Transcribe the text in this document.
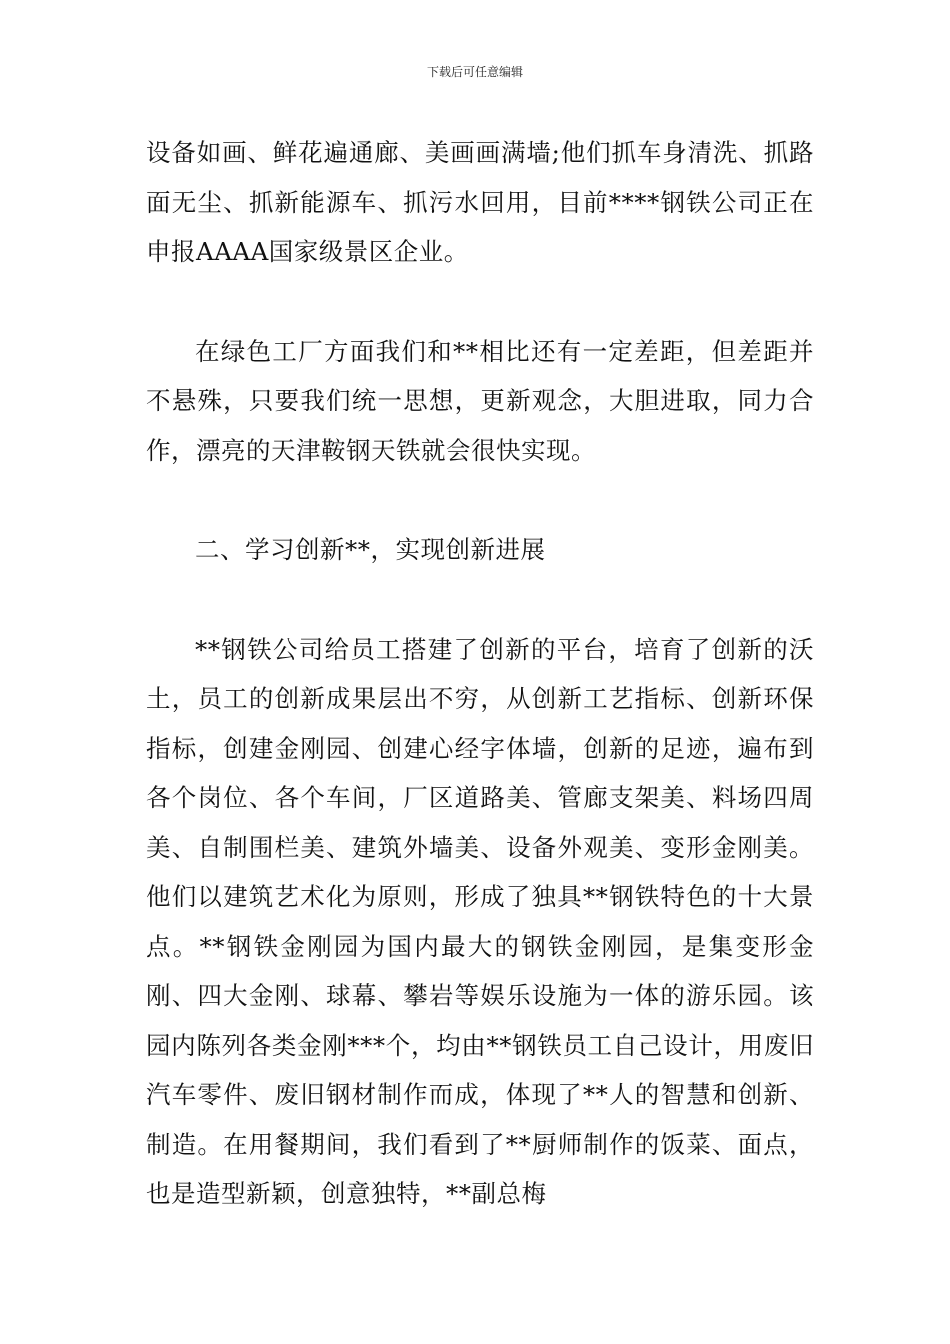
下载后可任意编辑

设备如画、鲜花遍通廊、美画画满墙;他们抓车身清洗、抓路面无尘、抓新能源车、抓污水回用，目前****钢铁公司正在申报AAAA国家级景区企业。

在绿色工厂方面我们和**相比还有一定差距，但差距并不悬殊，只要我们统一思想，更新观念，大胆进取，同力合作，漂亮的天津鞍钢天铁就会很快实现。

二、学习创新**，实现创新进展

**钢铁公司给员工搭建了创新的平台，培育了创新的沃土，员工的创新成果层出不穷，从创新工艺指标、创新环保指标，创建金刚园、创建心经字体墙，创新的足迹，遍布到各个岗位、各个车间，厂区道路美、管廊支架美、料场四周美、自制围栏美、建筑外墙美、设备外观美、变形金刚美。他们以建筑艺术化为原则，形成了独具**钢铁特色的十大景点。**钢铁金刚园为国内最大的钢铁金刚园，是集变形金刚、四大金刚、球幕、攀岩等娱乐设施为一体的游乐园。该园内陈列各类金刚***个，均由**钢铁员工自己设计，用废旧汽车零件、废旧钢材制作而成，体现了**人的智慧和创新、制造。在用餐期间，我们看到了**厨师制作的饭菜、面点，也是造型新颖，创意独特，**副总梅
